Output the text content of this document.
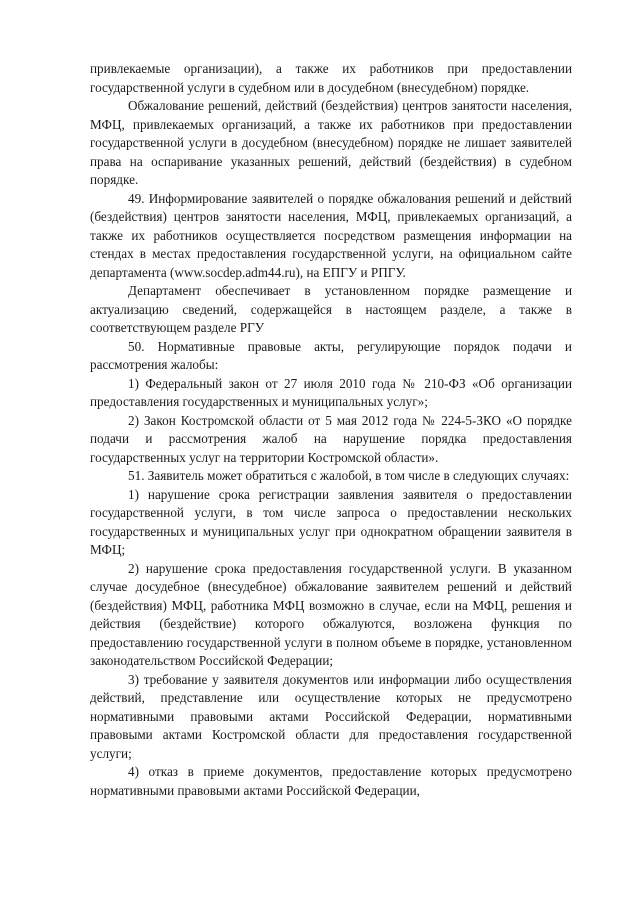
привлекаемые организации), а также их работников при предоставлении государственной услуги в судебном или в досудебном (внесудебном) порядке.

Обжалование решений, действий (бездействия) центров занятости населения, МФЦ, привлекаемых организаций, а также их работников при предоставлении государственной услуги в досудебном (внесудебном) порядке не лишает заявителей права на оспаривание указанных решений, действий (бездействия) в судебном порядке.

49. Информирование заявителей о порядке обжалования решений и действий (бездействия) центров занятости населения, МФЦ, привлекаемых организаций, а также их работников осуществляется посредством размещения информации на стендах в местах предоставления государственной услуги, на официальном сайте департамента (www.socdep.adm44.ru), на ЕПГУ и РПГУ.

Департамент обеспечивает в установленном порядке размещение и актуализацию сведений, содержащейся в настоящем разделе, а также в соответствующем разделе РГУ

50. Нормативные правовые акты, регулирующие порядок подачи и рассмотрения жалобы:

1) Федеральный закон от 27 июля 2010 года № 210-ФЗ «Об организации предоставления государственных и муниципальных услуг»;

2) Закон Костромской области от 5 мая 2012 года № 224-5-ЗКО «О порядке подачи и рассмотрения жалоб на нарушение порядка предоставления государственных услуг на территории Костромской области».

51. Заявитель может обратиться с жалобой, в том числе в следующих случаях:

1) нарушение срока регистрации заявления заявителя о предоставлении государственной услуги, в том числе запроса о предоставлении нескольких государственных и муниципальных услуг при однократном обращении заявителя в МФЦ;

2) нарушение срока предоставления государственной услуги. В указанном случае досудебное (внесудебное) обжалование заявителем решений и действий (бездействия) МФЦ, работника МФЦ возможно в случае, если на МФЦ, решения и действия (бездействие) которого обжалуются, возложена функция по предоставлению государственной услуги в полном объеме в порядке, установленном законодательством Российской Федерации;

3) требование у заявителя документов или информации либо осуществления действий, представление или осуществление которых не предусмотрено нормативными правовыми актами Российской Федерации, нормативными правовыми актами Костромской области для предоставления государственной услуги;

4) отказ в приеме документов, предоставление которых предусмотрено нормативными правовыми актами Российской Федерации,
